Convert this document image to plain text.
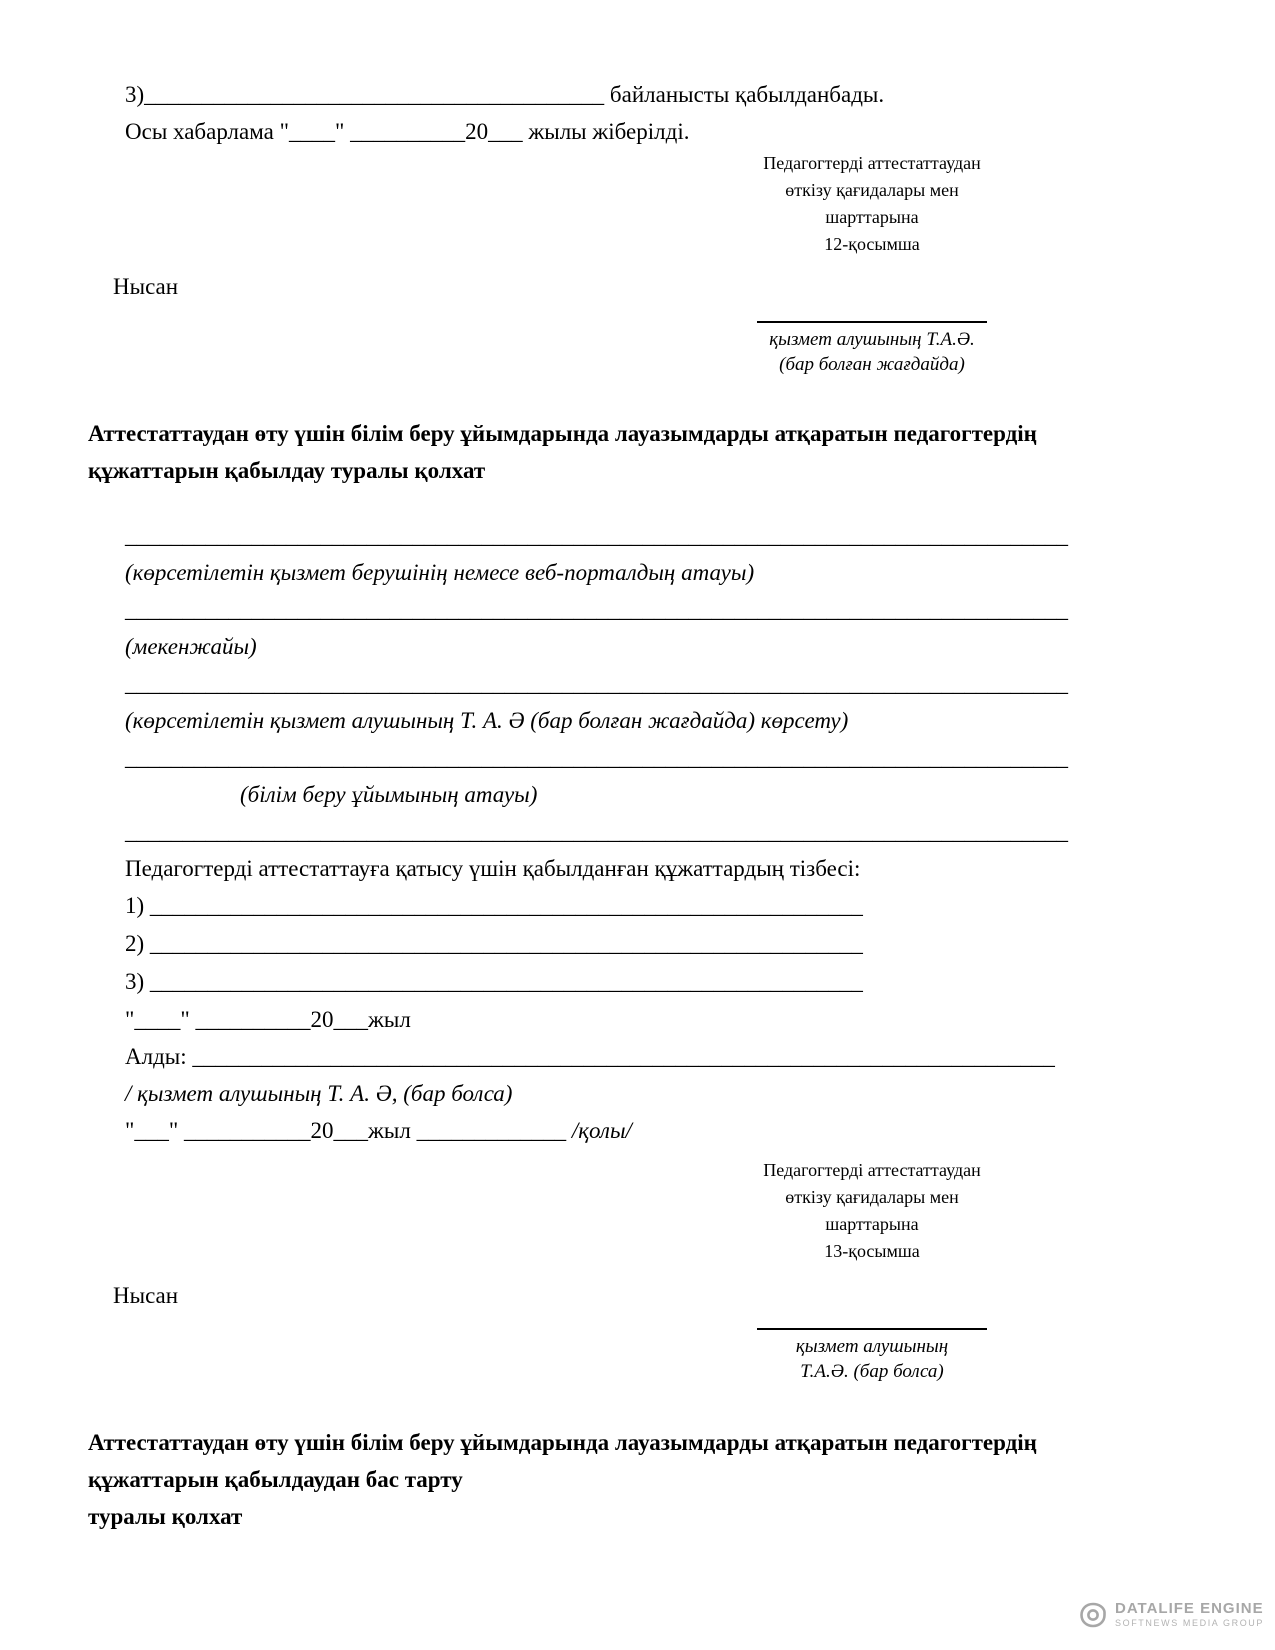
3)________________________________________ байланысты қабылданбады.

Осы хабарлама "____" __________20___ жылы жіберілді.

Педагогтерді аттестаттаудан
өткізу қағидалары мен
шарттарына
12-қосымша

Нысан

қызмет алушының Т.А.Ә.
(бар болған жағдайда)
Аттестаттаудан өту үшін білім беру ұйымдарында лауазымдарды атқаратын педагогтердің
құжаттарын қабылдау туралы қолхат

__________________________________________________________________________________

(көрсетілетін қызмет берушінің немесе веб-порталдың атауы)

__________________________________________________________________________________

(мекенжайы)

__________________________________________________________________________________

(көрсетілетін қызмет алушының Т. А. Ә (бар болған жағдайда) көрсету)

__________________________________________________________________________________

(білім беру ұйымының атауы)

__________________________________________________________________________________

Педагогтерді аттестаттауға қатысу үшін қабылданған құжаттардың тізбесі:

1) ______________________________________________________________

2) ______________________________________________________________

3) ______________________________________________________________

"____" __________20___жыл

Алды: ___________________________________________________________________________

/ қызмет алушының Т. А. Ә, (бар болса)

"___" ___________20___жыл _____________ /қолы/

Педагогтерді аттестаттаудан
өткізу қағидалары мен
шарттарына
13-қосымша

Нысан

қызмет алушының
Т.А.Ә. (бар болса)
Аттестаттаудан өту үшін білім беру ұйымдарында лауазымдарды атқаратын педагогтердің
құжаттарын қабылдаудан бас тарту
туралы қолхат
DATALIFE ENGINE
SOFTNEWS MEDIA GROUP
